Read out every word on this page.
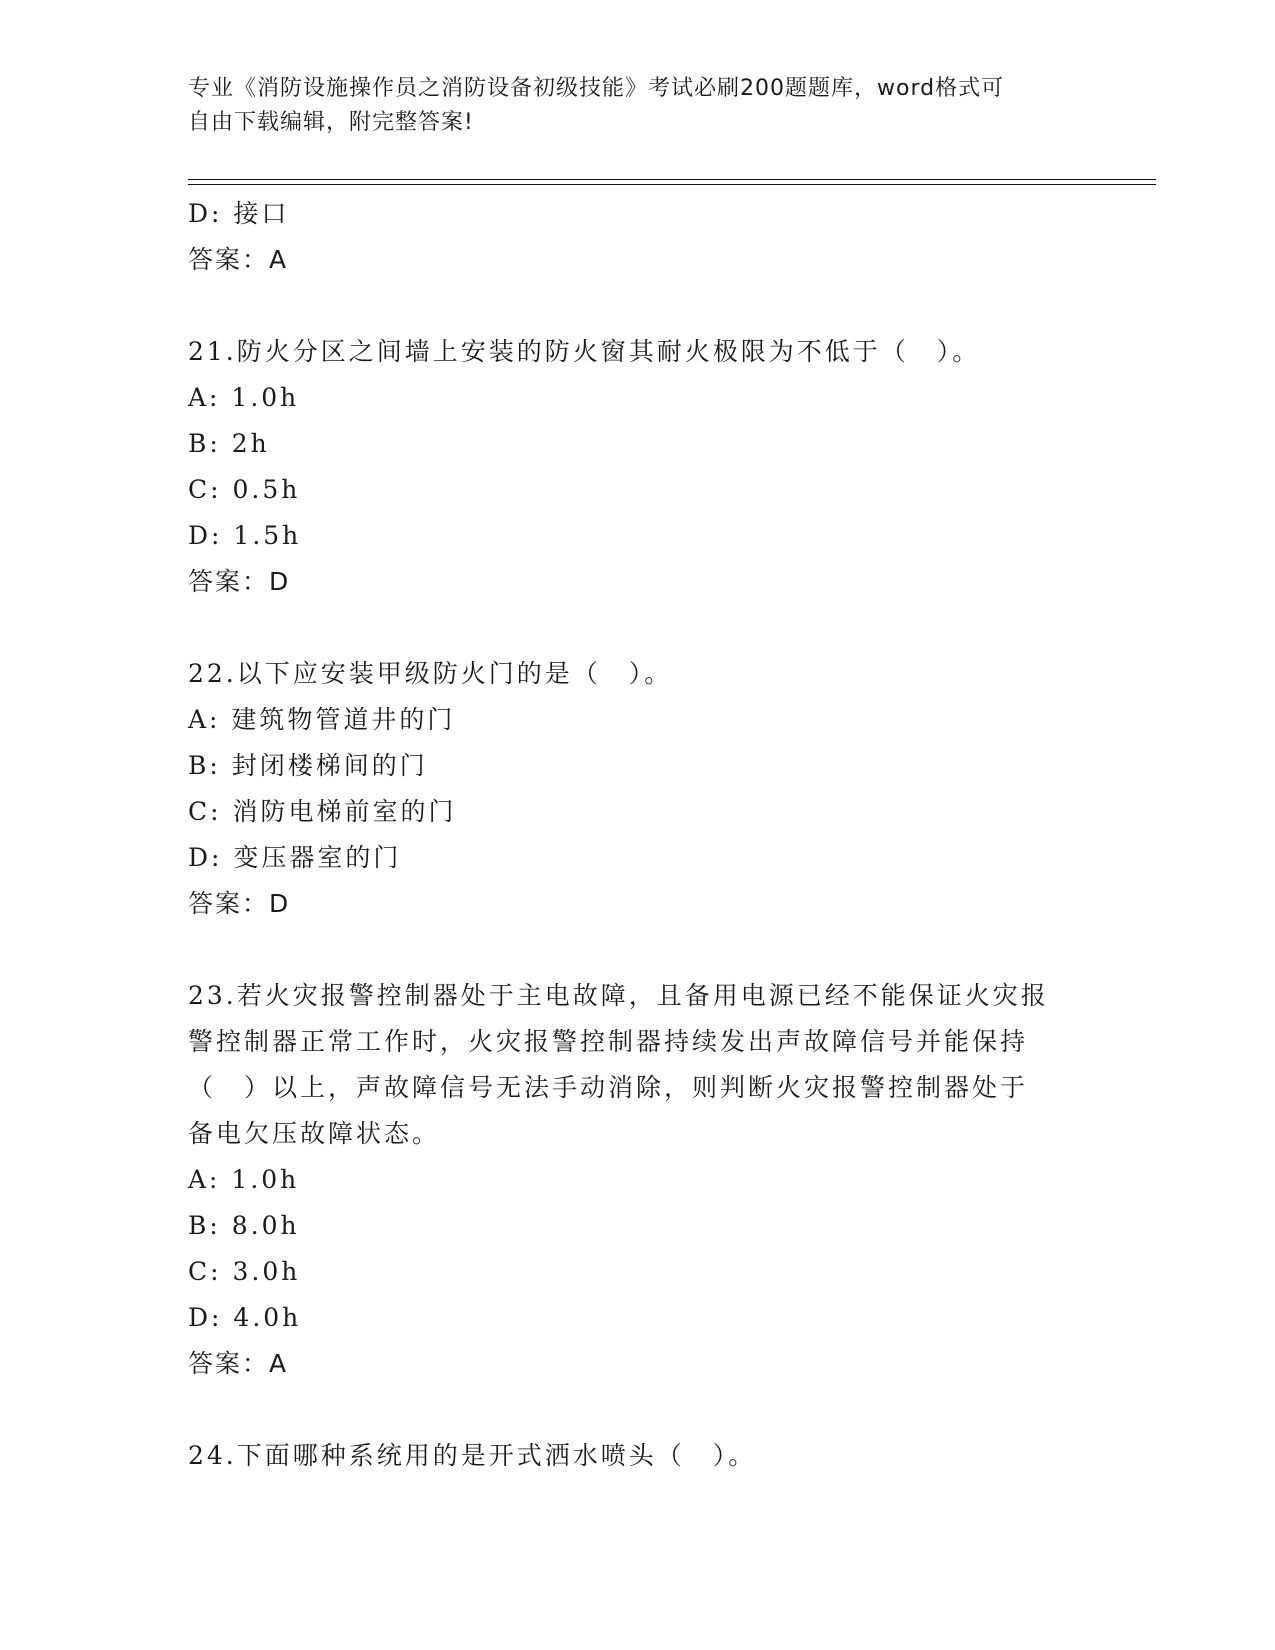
专业《消防设施操作员之消防设备初级技能》考试必刷200题题库，word格式可
自由下载编辑，附完整答案!
D: 接口
答案：A
21.防火分区之间墙上安装的防火窗其耐火极限为不低于（　）。
A: 1.0h
B: 2h
C: 0.5h
D: 1.5h
答案：D
22.以下应安装甲级防火门的是（　）。
A: 建筑物管道井的门
B: 封闭楼梯间的门
C: 消防电梯前室的门
D: 变压器室的门
答案：D
23.若火灾报警控制器处于主电故障，且备用电源已经不能保证火灾报
警控制器正常工作时，火灾报警控制器持续发出声故障信号并能保持
（　）以上，声故障信号无法手动消除，则判断火灾报警控制器处于
备电欠压故障状态。
A: 1.0h
B: 8.0h
C: 3.0h
D: 4.0h
答案：A
24.下面哪种系统用的是开式洒水喷头（　）。
